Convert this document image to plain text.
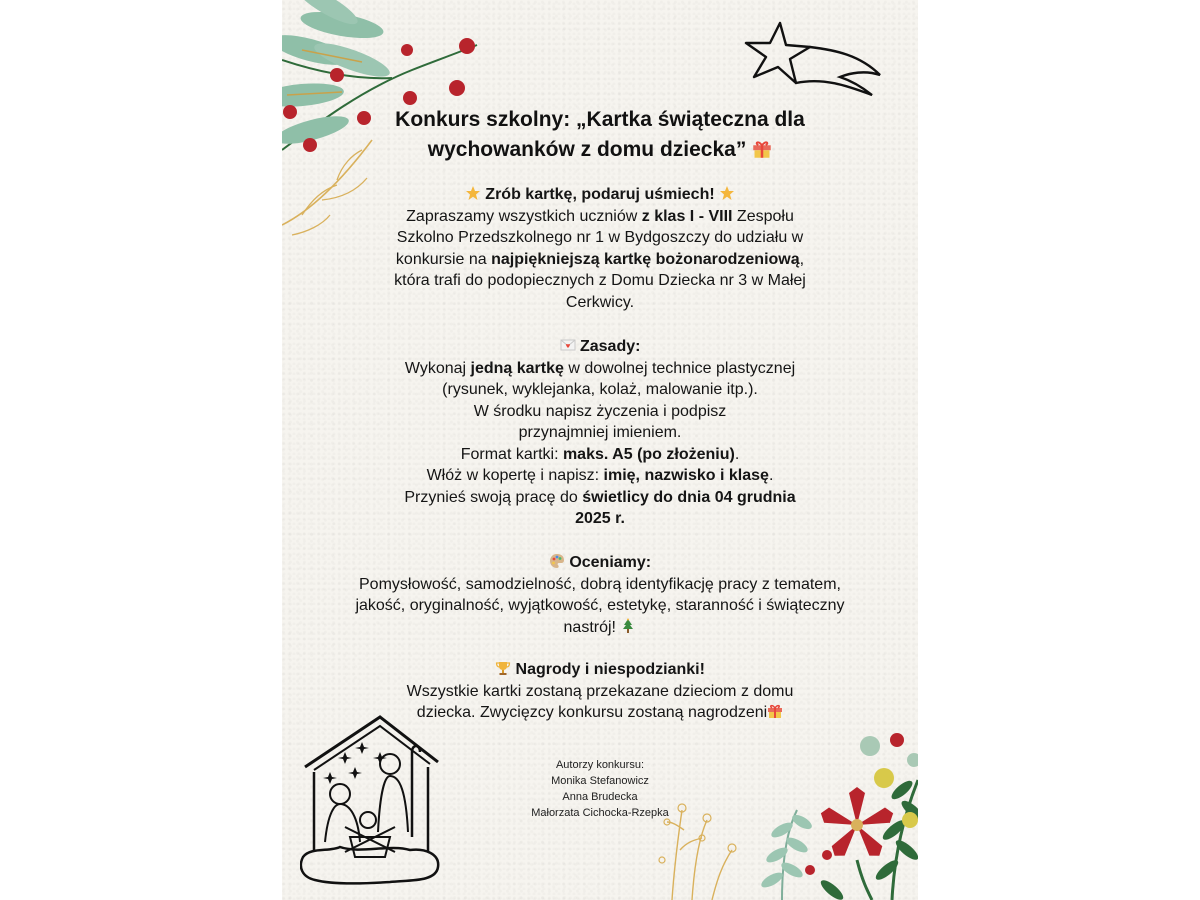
Konkurs szkolny: „Kartka świąteczna dla
wychowanków z domu dziecka”
Zrób kartkę, podaruj uśmiech!
Zapraszamy wszystkich uczniów z klas I - VIII Zespołu Szkolno Przedszkolnego nr 1 w Bydgoszczy do udziału w konkursie na najpiękniejszą kartkę bożonarodzeniową, która trafi do podopiecznych z Domu Dziecka nr 3 w Małej Cerkwicy.
Zasady:
Wykonaj jedną kartkę w dowolnej technice plastycznej (rysunek, wyklejanka, kolaż, malowanie itp.).
W środku napisz życzenia i podpisz przynajmniej imieniem.
Format kartki: maks. A5 (po złożeniu).
Włóż w kopertę i napisz: imię, nazwisko i klasę.
Przynieś swoją pracę do świetlicy do dnia 04 grudnia 2025 r.
Oceniamy:
Pomysłowość, samodzielność, dobrą identyfikację pracy z tematem, jakość, oryginalność, wyjątkowość, estetykę, staranność i świąteczny nastrój!
Nagrody i niespodzianki!
Wszystkie kartki zostaną przekazane dzieciom z domu dziecka. Zwycięzcy konkursu zostaną nagrodzeni
Autorzy konkursu:
Monika Stefanowicz
Anna Brudecka
Małorzata Cichocka-Rzepka
